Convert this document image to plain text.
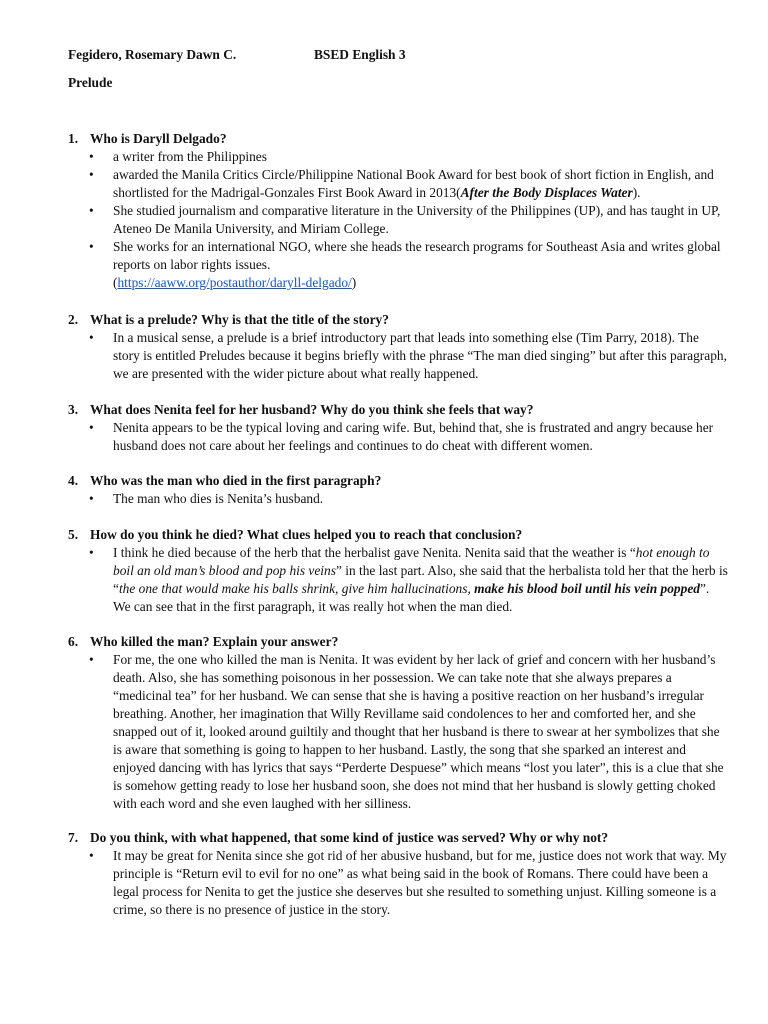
Fegidero, Rosemary Dawn C.	BSED English 3
Prelude

1. Who is Daryll Delgado?

• a writer from the Philippines
• awarded the Manila Critics Circle/Philippine National Book Award for best book of short fiction in English, and shortlisted for the Madrigal-Gonzales First Book Award in 2013(After the Body Displaces Water).
• She studied journalism and comparative literature in the University of the Philippines (UP), and has taught in UP, Ateneo De Manila University, and Miriam College.
• She works for an international NGO, where she heads the research programs for Southeast Asia and writes global reports on labor rights issues.
(https://aaww.org/postauthor/daryll-delgado/)

2. What is a prelude? Why is that the title of the story?

• In a musical sense, a prelude is a brief introductory part that leads into something else (Tim Parry, 2018). The story is entitled Preludes because it begins briefly with the phrase “The man died singing” but after this paragraph, we are presented with the wider picture about what really happened.

3. What does Nenita feel for her husband? Why do you think she feels that way?

• Nenita appears to be the typical loving and caring wife. But, behind that, she is frustrated and angry because her husband does not care about her feelings and continues to do cheat with different women.

4. Who was the man who died in the first paragraph?

• The man who dies is Nenita’s husband.

5. How do you think he died? What clues helped you to reach that conclusion?

• I think he died because of the herb that the herbalist gave Nenita. Nenita said that the weather is “hot enough to boil an old man’s blood and pop his veins” in the last part. Also, she said that the herbalista told her that the herb is “the one that would make his balls shrink, give him hallucinations, make his blood boil until his vein popped”. We can see that in the first paragraph, it was really hot when the man died.

6. Who killed the man? Explain your answer?

• For me, the one who killed the man is Nenita. It was evident by her lack of grief and concern with her husband’s death. Also, she has something poisonous in her possession. We can take note that she always prepares a “medicinal tea” for her husband. We can sense that she is having a positive reaction on her husband’s irregular breathing. Another, her imagination that Willy Revillame said condolences to her and comforted her, and she snapped out of it, looked around guiltily and thought that her husband is there to swear at her symbolizes that she is aware that something is going to happen to her husband. Lastly, the song that she sparked an interest and enjoyed dancing with has lyrics that says “Perderte Despuese” which means “lost you later”, this is a clue that she is somehow getting ready to lose her husband soon, she does not mind that her husband is slowly getting choked with each word and she even laughed with her silliness.

7. Do you think, with what happened, that some kind of justice was served? Why or why not?

• It may be great for Nenita since she got rid of her abusive husband, but for me, justice does not work that way. My principle is “Return evil to evil for no one” as what being said in the book of Romans. There could have been a legal process for Nenita to get the justice she deserves but she resulted to something unjust. Killing someone is a crime, so there is no presence of justice in the story.
